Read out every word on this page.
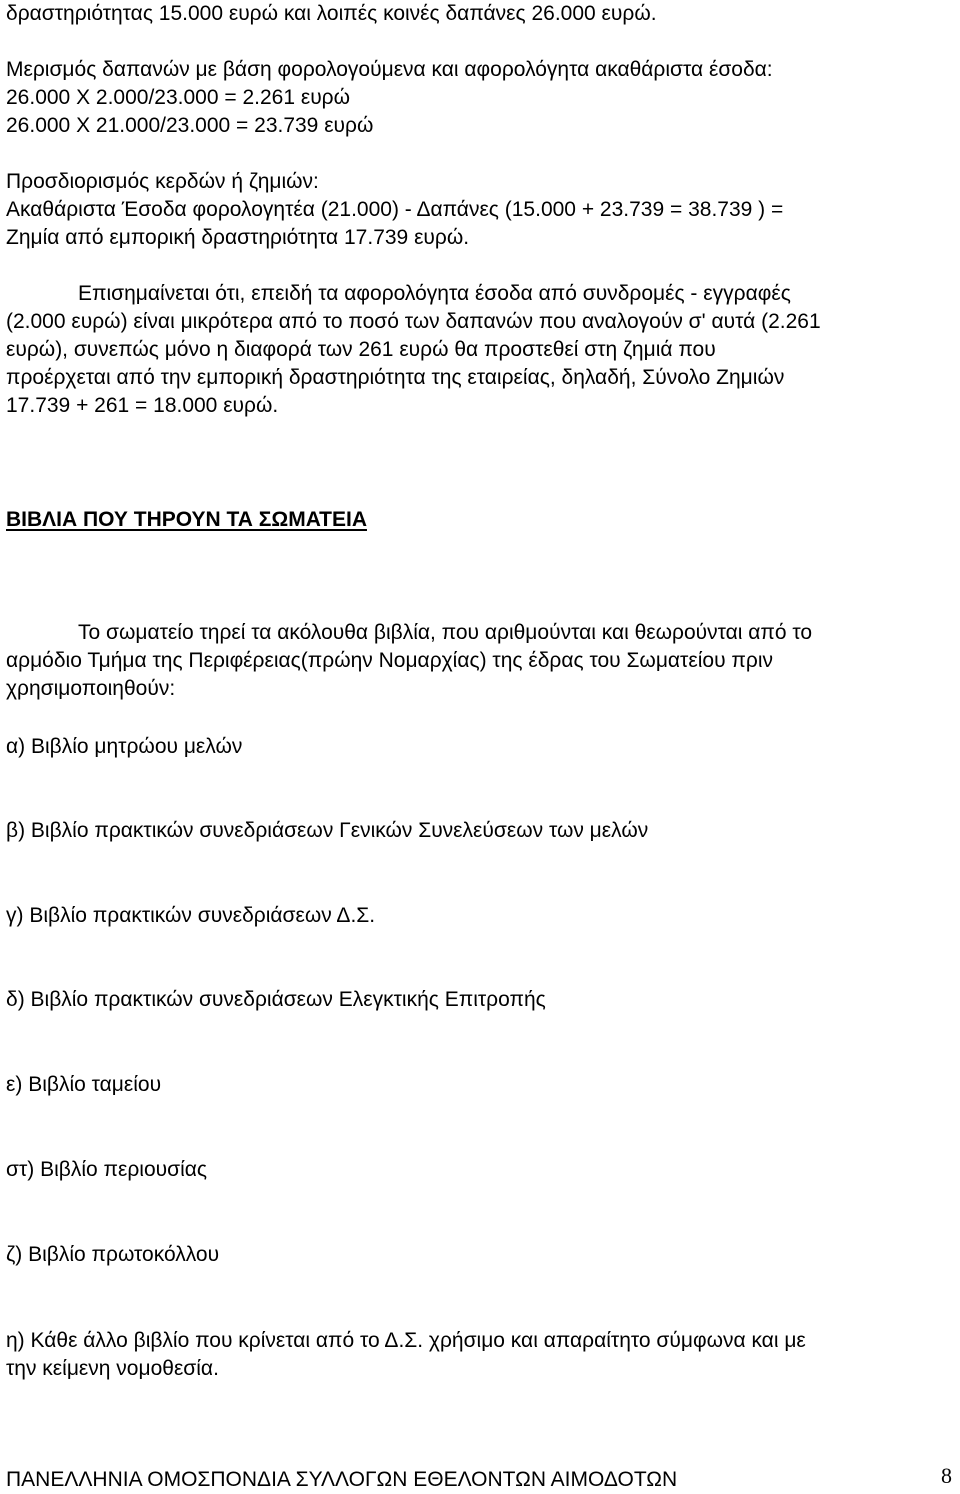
δραστηριότητας 15.000 ευρώ και λοιπές κοινές δαπάνες 26.000 ευρώ.
Μερισμός δαπανών με βάση φορολογούμενα και αφορολόγητα ακαθάριστα έσοδα:
26.000 Χ 2.000/23.000 = 2.261 ευρώ
26.000 Χ 21.000/23.000 = 23.739 ευρώ
Προσδιορισμός κερδών ή ζημιών:
Ακαθάριστα Έσοδα φορολογητέα (21.000) - Δαπάνες (15.000 + 23.739 = 38.739 ) =
Ζημία από εμπορική δραστηριότητα 17.739 ευρώ.
Επισημαίνεται ότι, επειδή τα αφορολόγητα έσοδα από συνδρομές - εγγραφές
(2.000 ευρώ) είναι μικρότερα από το ποσό των δαπανών που αναλογούν σ' αυτά (2.261
ευρώ), συνεπώς μόνο η διαφορά των 261 ευρώ θα προστεθεί στη ζημιά που
προέρχεται από την εμπορική δραστηριότητα της εταιρείας, δηλαδή, Σύνολο Ζημιών
17.739 + 261 = 18.000 ευρώ.
ΒΙΒΛΙΑ ΠΟΥ ΤΗΡΟΥΝ ΤΑ ΣΩΜΑΤΕΙΑ
Το σωματείο τηρεί τα ακόλουθα βιβλία, που αριθμούνται και θεωρούνται από το
αρμόδιο Τμήμα της Περιφέρειας(πρώην Νομαρχίας) της έδρας του Σωματείου πριν
χρησιμοποιηθούν:
α) Βιβλίο μητρώου μελών
β) Βιβλίο πρακτικών συνεδριάσεων Γενικών Συνελεύσεων των μελών
γ) Βιβλίο πρακτικών συνεδριάσεων Δ.Σ.
δ) Βιβλίο πρακτικών συνεδριάσεων Ελεγκτικής Επιτροπής
ε) Βιβλίο ταμείου
στ) Βιβλίο περιουσίας
ζ) Βιβλίο πρωτοκόλλου
η) Κάθε άλλο βιβλίο που κρίνεται από το Δ.Σ. χρήσιμο και απαραίτητο σύμφωνα και με
την κείμενη νομοθεσία.
ΠΑΝΕΛΛΗΝΙΑ ΟΜΟΣΠΟΝΔΙΑ ΣΥΛΛΟΓΩΝ ΕΘΕΛΟΝΤΩΝ ΑΙΜΟΔΟΤΩΝ	8
